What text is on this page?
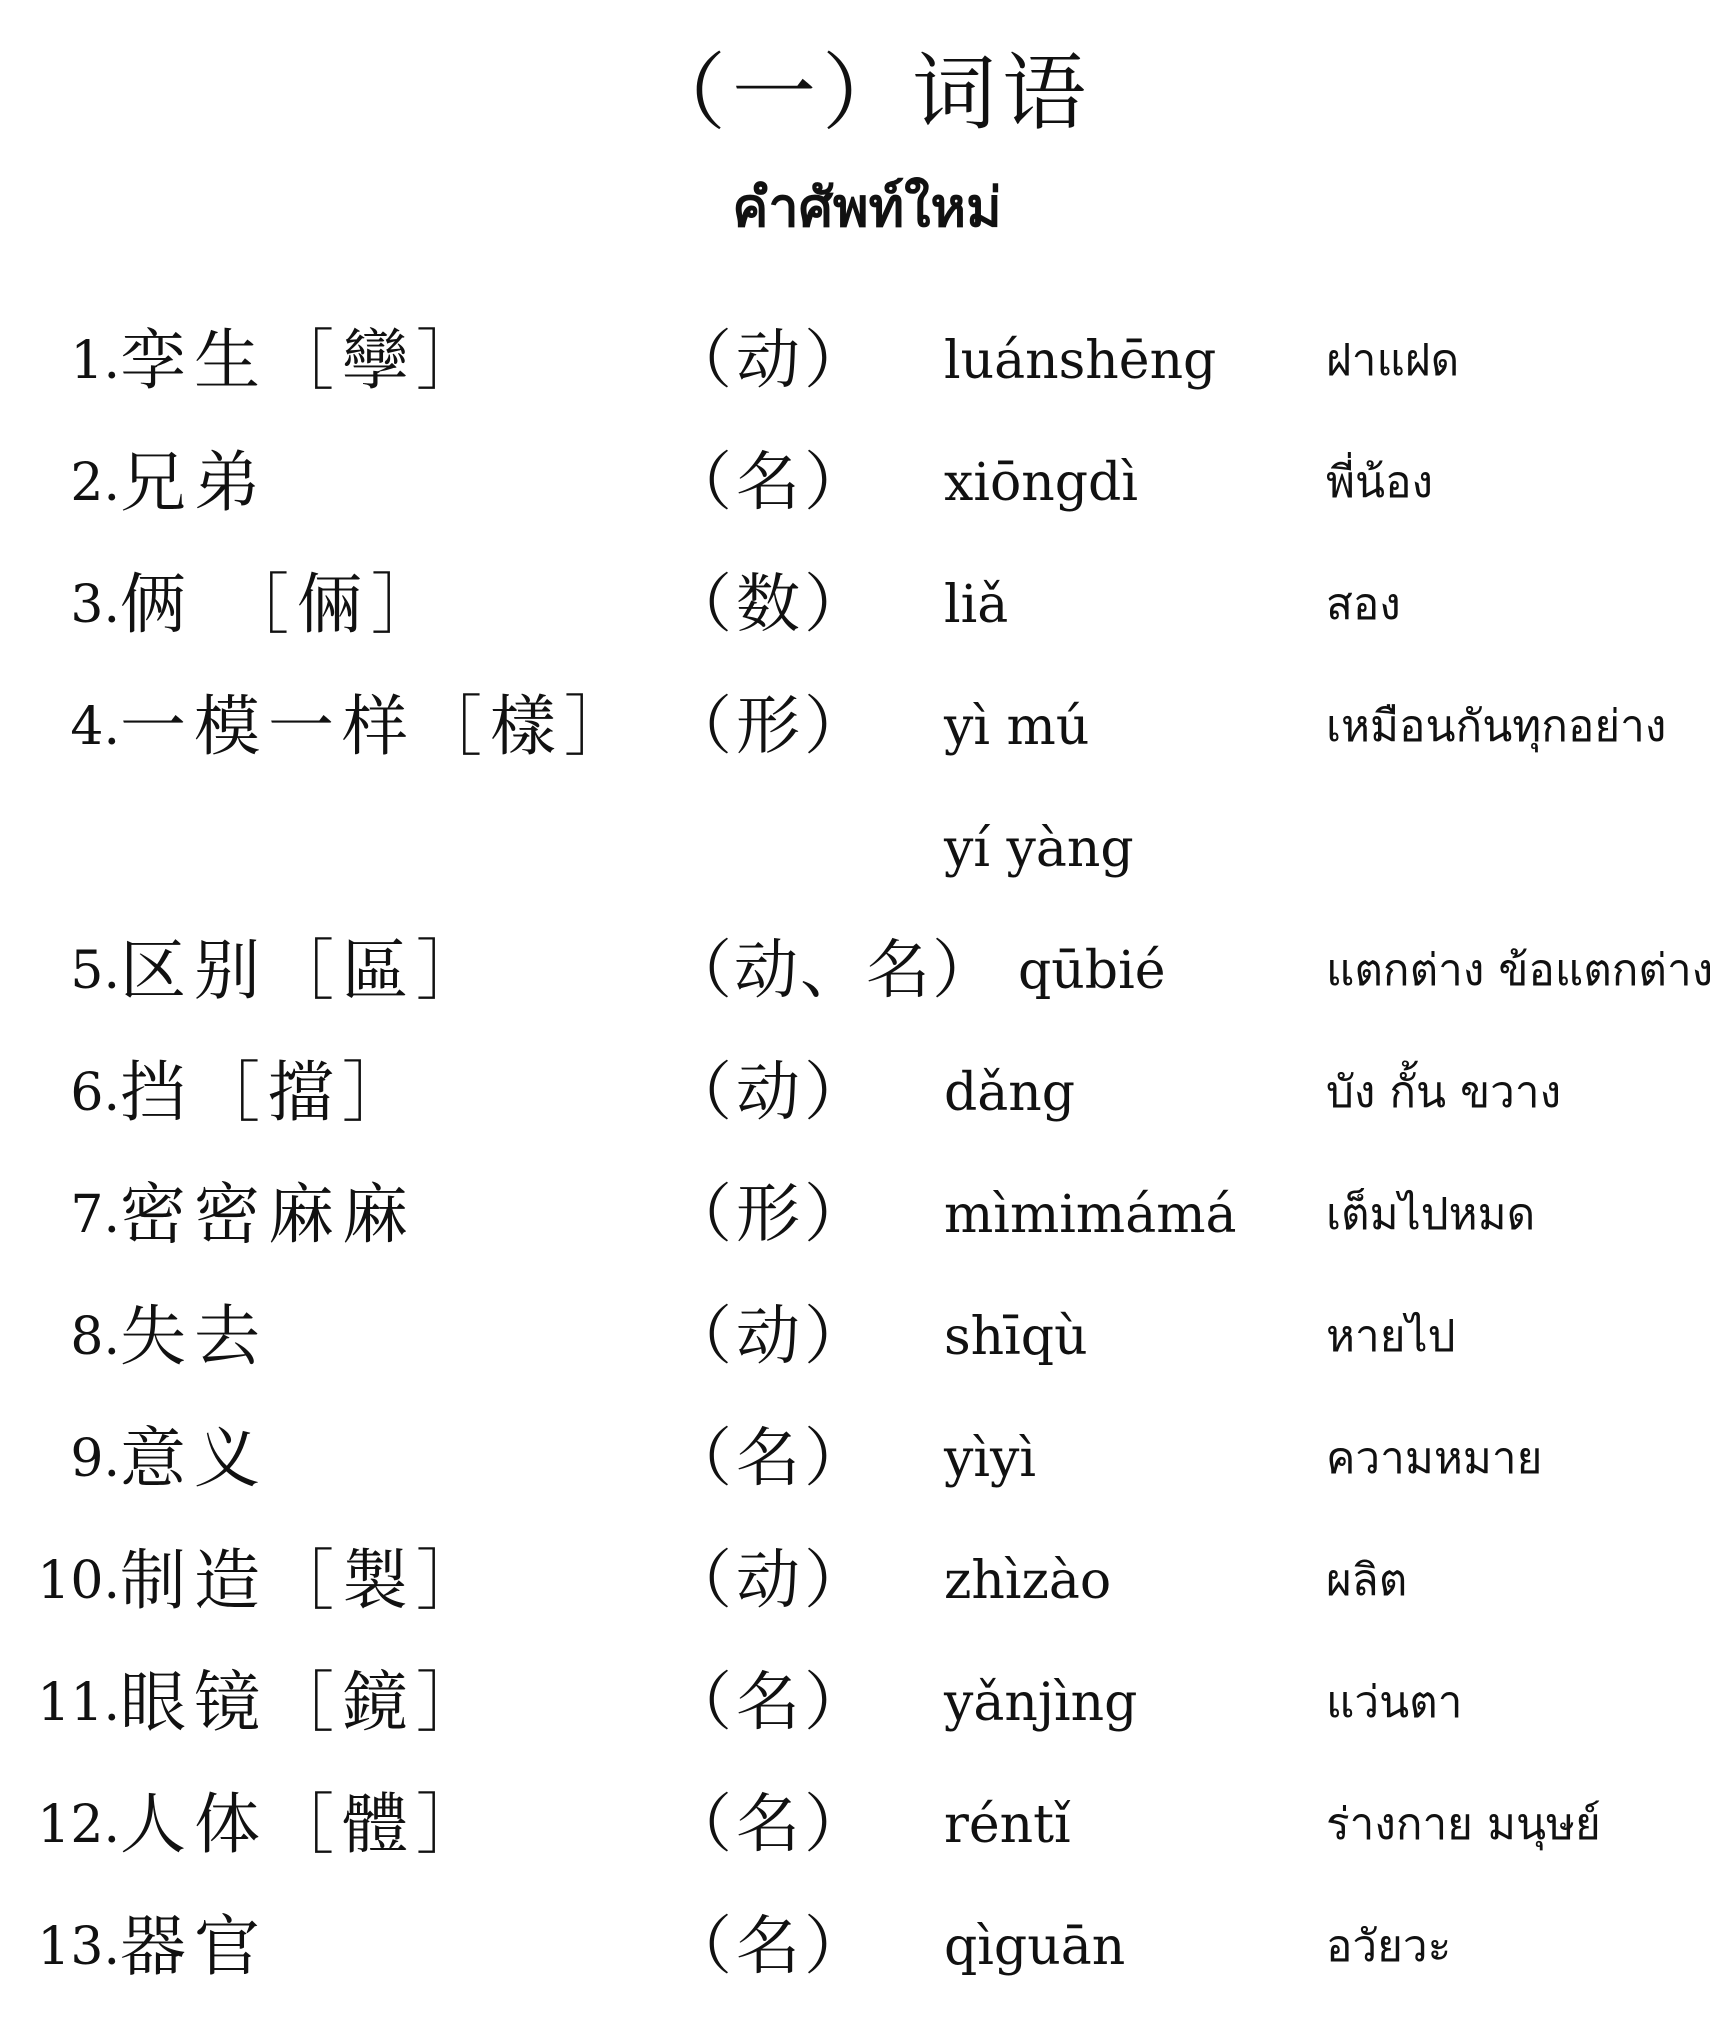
（一）词语
คำศัพท์ใหม่
1. 孪生［孿］	（动） luánshēng ฝาแฝด
2. 兄弟	（名） xiōngdì	พี่น้อง
3. 俩 ［倆］	（数） liǎ	สอง
4. 一模一样［樣］ （形） yì mú	เหมือนกันทุกอย่าง
yí yàng
5. 区别［區］	（动、名） qūbié	แตกต่าง ข้อแตกต่าง
6. 挡［擋］	（动） dǎng	บัง กั้น ขวาง
7. 密密麻麻	（形） mìmimámá เต็มไปหมด
8. 失去	（动） shīqù	หายไป
9. 意义	（名） yìyì	ความหมาย
10. 制造［製］	（动） zhìzào	ผลิต
11. 眼镜［鏡］	（名） yǎnjìng	แว่นตา
12. 人体［體］	（名） réntǐ	ร่างกาย มนุษย์
13. 器官	（名） qìguān	อวัยวะ
